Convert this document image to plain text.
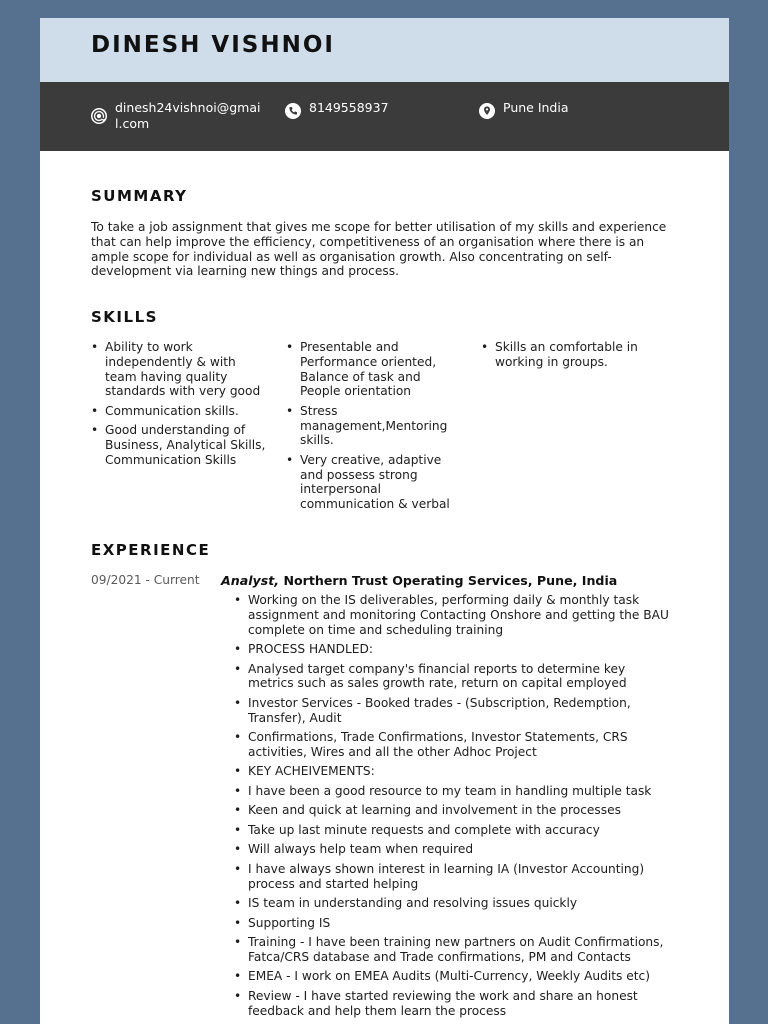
DINESH VISHNOI
dinesh24vishnoi@gmail.com
8149558937	Pune India
SUMMARY

To take a job assignment that gives me scope for better utilisation of my skills and experience that can help improve the efficiency, competitiveness of an organisation where there is an ample scope for individual as well as organisation growth. Also concentrating on self-development via learning new things and process.

SKILLS
• Ability to work independently & with team having quality standards with very good
• Communication skills.
• Good understanding of Business, Analytical Skills, Communication Skills
• Presentable and Performance oriented, Balance of task and People orientation
• Stress management,Mentoring skills.
• Very creative, adaptive and possess strong interpersonal communication & verbal
• Skills an comfortable in working in groups.
EXPERIENCE
09/2021 - Current Analyst, Northern Trust Operating Services, Pune, India
• Working on the IS deliverables, performing daily & monthly task assignment and monitoring Contacting Onshore and getting the BAU complete on time and scheduling training
• PROCESS HANDLED:
• Analysed target company's financial reports to determine key metrics such as sales growth rate, return on capital employed
• Investor Services - Booked trades - (Subscription, Redemption, Transfer), Audit
• Confirmations, Trade Confirmations, Investor Statements, CRS activities, Wires and all the other Adhoc Project
• KEY ACHEIVEMENTS:
• I have been a good resource to my team in handling multiple task
• Keen and quick at learning and involvement in the processes
• Take up last minute requests and complete with accuracy
• Will always help team when required
• I have always shown interest in learning IA (Investor Accounting) process and started helping
• IS team in understanding and resolving issues quickly
• Supporting IS
• Training - I have been training new partners on Audit Confirmations, Fatca/CRS database and Trade confirmations, PM and Contacts
• EMEA - I work on EMEA Audits (Multi-Currency, Weekly Audits etc)
• Review - I have started reviewing the work and share an honest feedback and help them learn the process
